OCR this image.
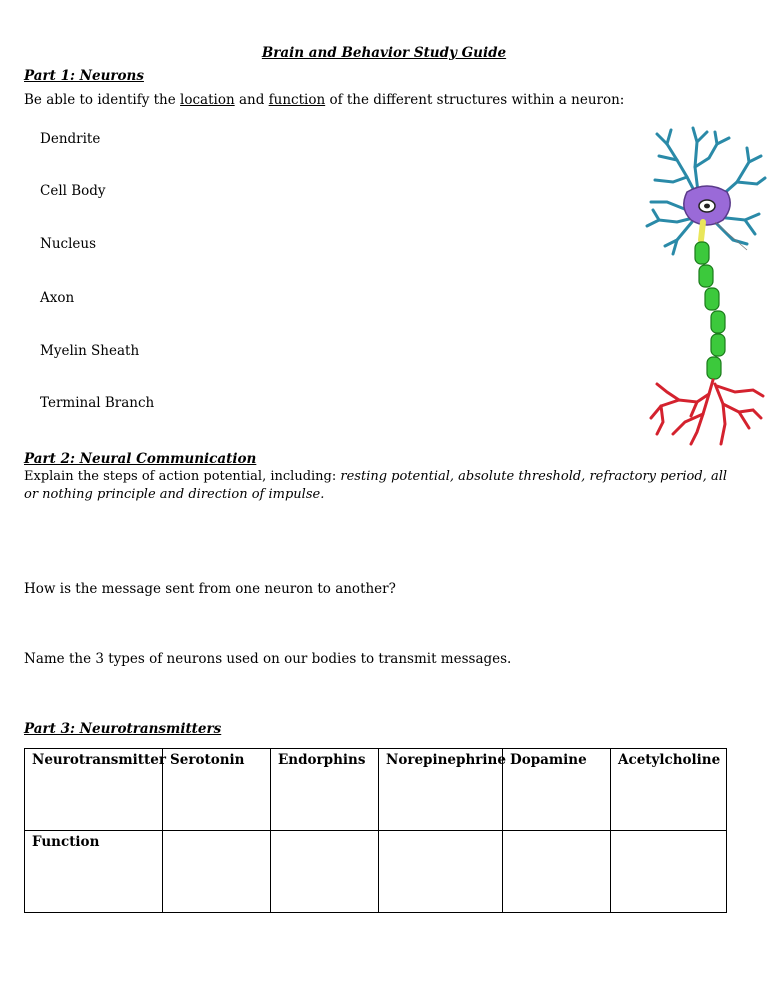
Brain and Behavior Study Guide
Part 1: Neurons
Be able to identify the location and function of the different structures within a neuron:
Dendrite
Cell Body
Nucleus
Axon
Myelin Sheath
Terminal Branch
Part 2: Neural Communication
Explain the steps of action potential, including: resting potential, absolute threshold, refractory period, all or nothing principle and direction of impulse.
How is the message sent from one neuron to another?
Name the 3 types of neurons used on our bodies to transmit messages.
Part 3: Neurotransmitters
Neurotransmitter	Serotonin	Endorphins	Norepinephrine	Dopamine	Acetylcholine
Function					
